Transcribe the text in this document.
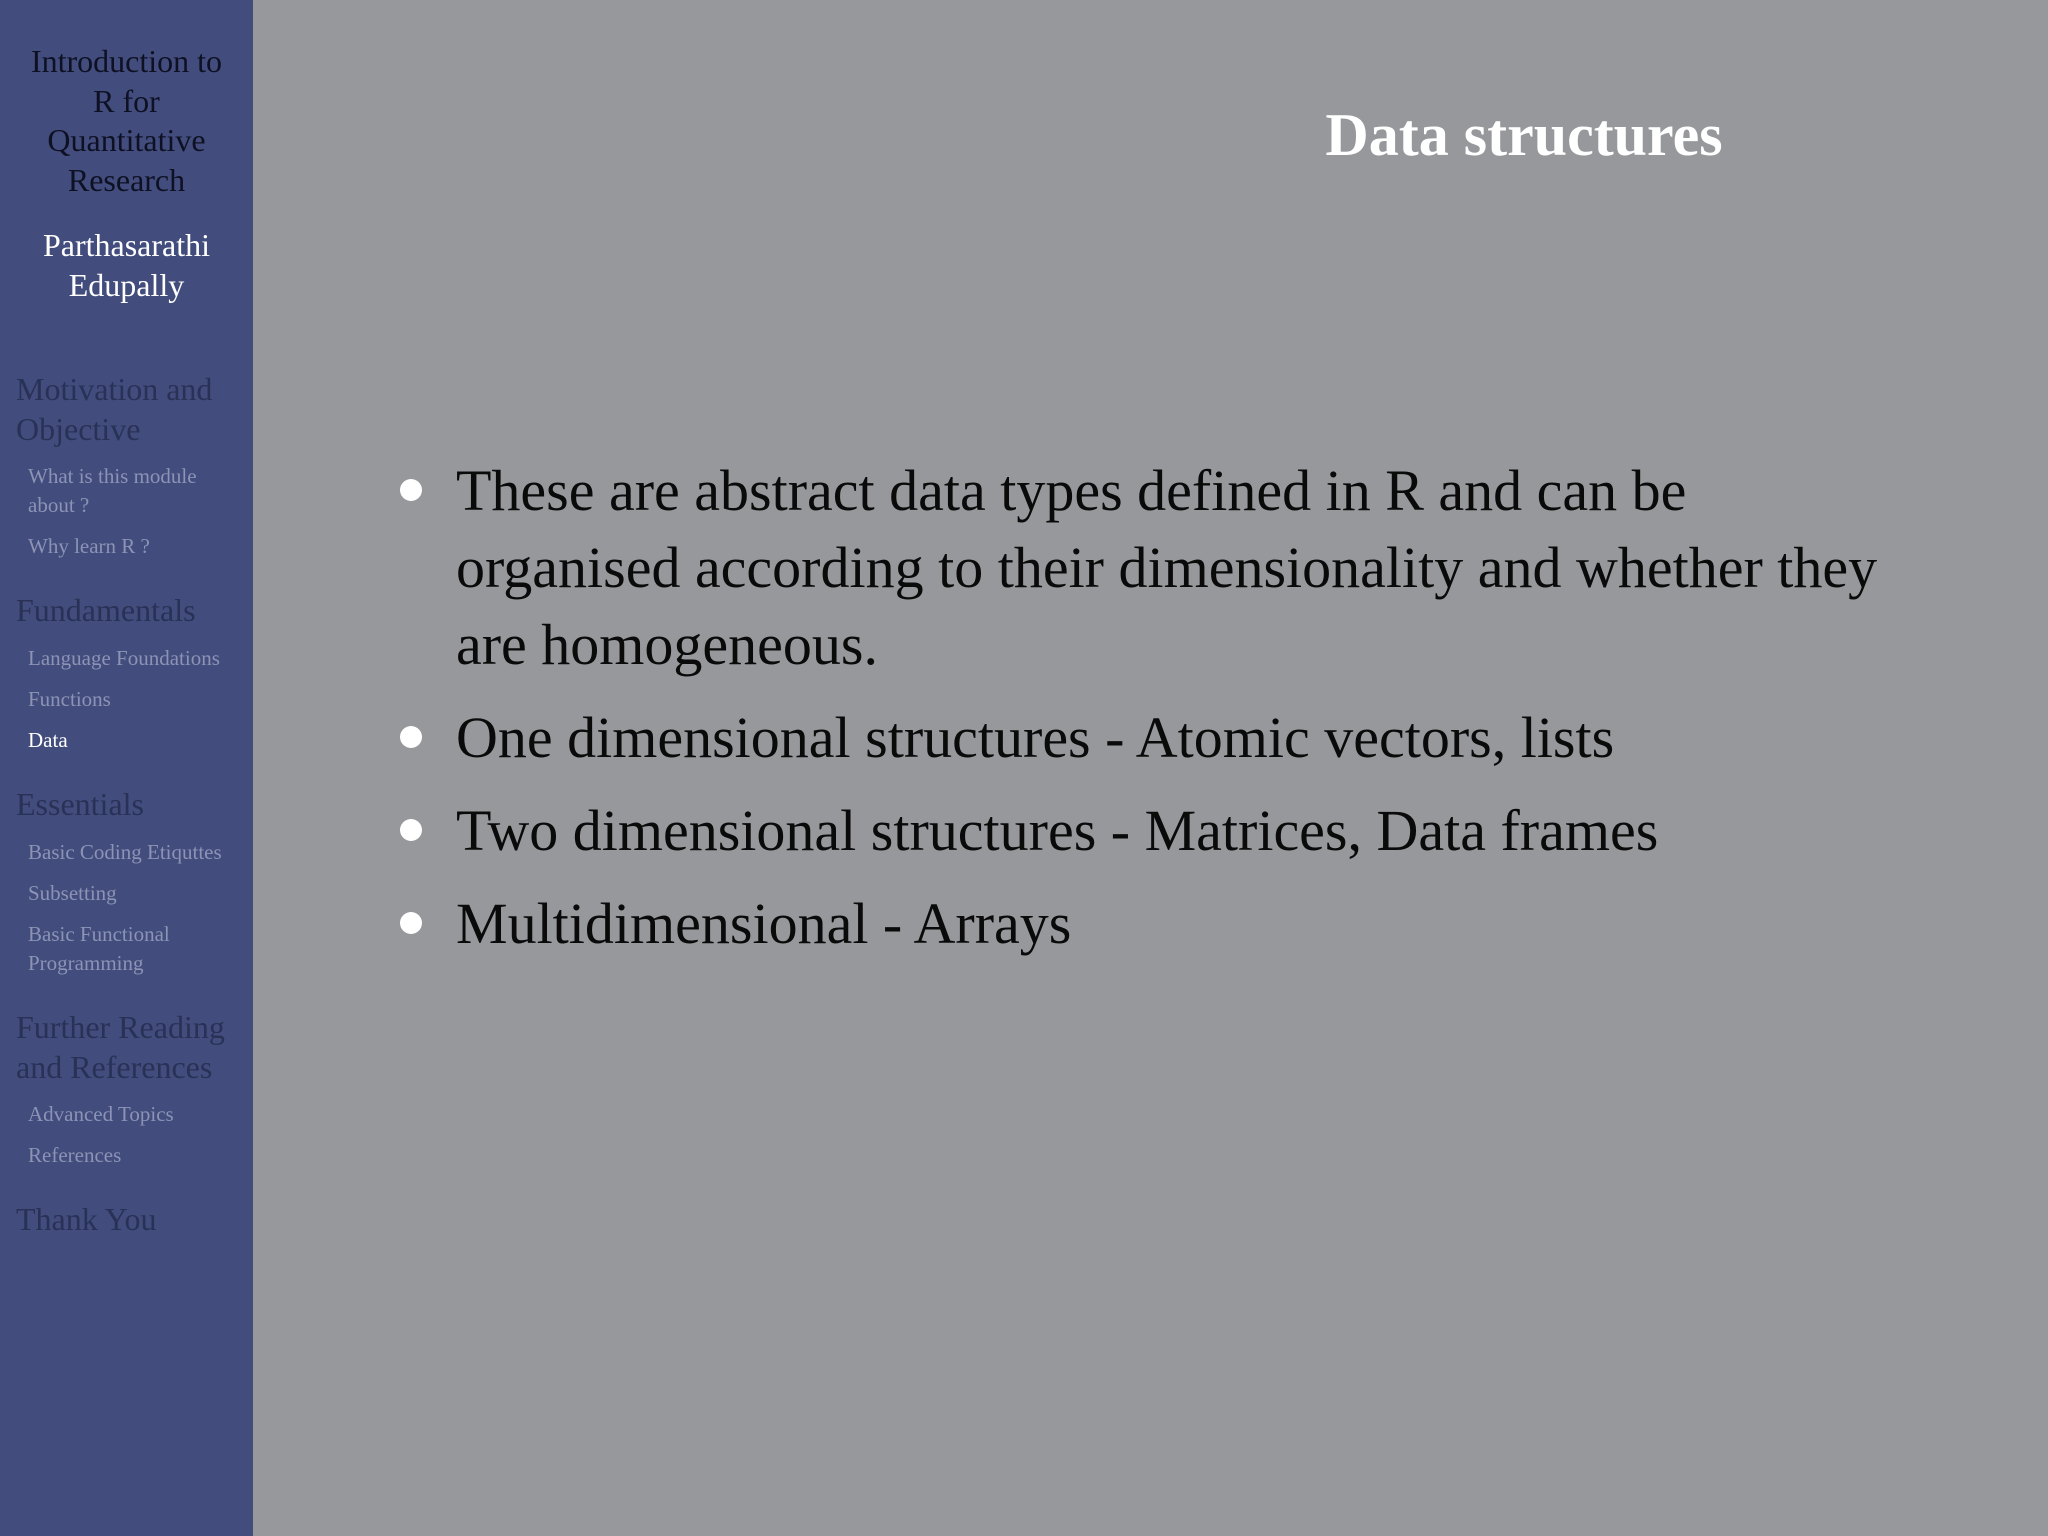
Introduction to
R for
Quantitative
Research
Parthasarathi
Edupally
Motivation and
Objective
What is this module
about ?
Why learn R ?
Fundamentals
Language Foundations
Functions
Data
Essentials
Basic Coding Etiquttes
Subsetting
Basic Functional
Programming
Further Reading
and References
Advanced Topics
References
Thank You
Data structures
These are abstract data types defined in R and can be
organised according to their dimensionality and whether they
are homogeneous.
One dimensional structures - Atomic vectors, lists
Two dimensional structures - Matrices, Data frames
Multidimensional - Arrays
